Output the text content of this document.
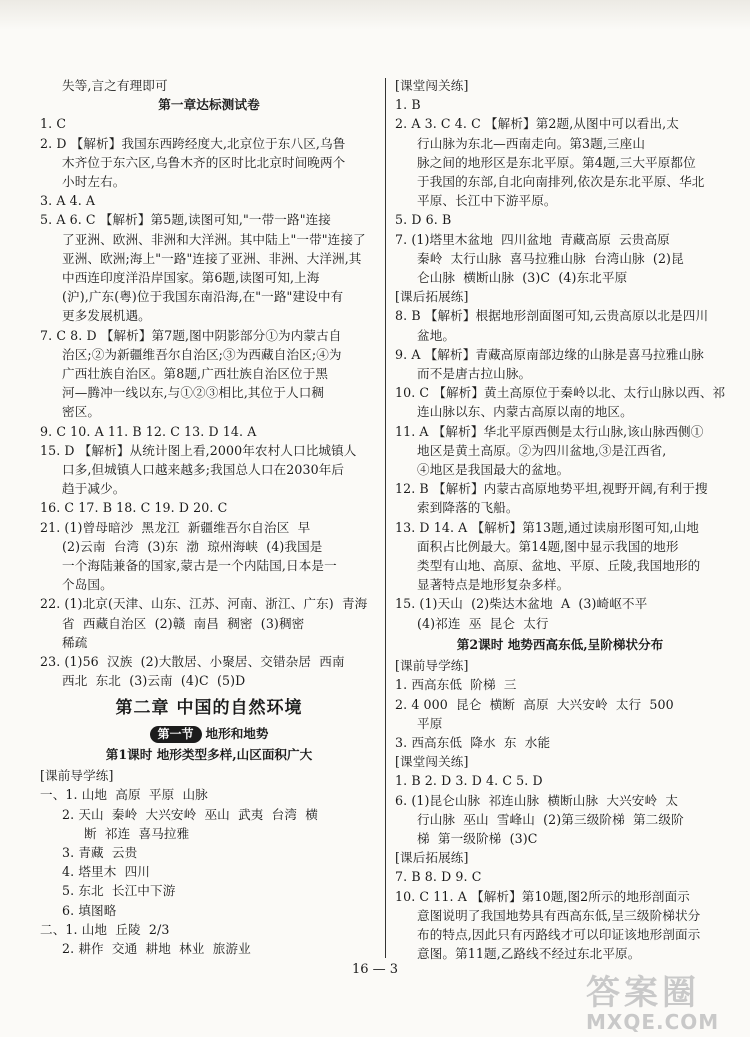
失等,言之有理即可
第一章达标测试卷
1. C
2. D 【解析】我国东西跨经度大,北京位于东八区,乌鲁
木齐位于东六区,乌鲁木齐的区时比北京时间晚两个
小时左右。
3. A 4. A
5. A 6. C 【解析】第5题,读图可知,"一带一路"连接
了亚洲、欧洲、非洲和大洋洲。其中陆上"一带"连接了
亚洲、欧洲;海上"一路"连接了亚洲、非洲、大洋洲,其
中西连印度洋沿岸国家。第6题,读图可知,上海
(沪),广东(粤)位于我国东南沿海,在"一路"建设中有
更多发展机遇。
7. C 8. D 【解析】第7题,图中阴影部分①为内蒙古自
治区;②为新疆维吾尔自治区;③为西藏自治区;④为
广西壮族自治区。第8题,广西壮族自治区位于黑
河—腾冲一线以东,与①②③相比,其位于人口稠
密区。
9. C 10. A 11. B 12. C 13. D 14. A
15. D 【解析】从统计图上看,2000年农村人口比城镇人
口多,但城镇人口越来越多;我国总人口在2030年后
趋于减少。
16. C 17. B 18. C 19. D 20. C
21. (1)曾母暗沙  黑龙江  新疆维吾尔自治区  早
(2)云南  台湾  (3)东  渤  琼州海峡  (4)我国是
一个海陆兼备的国家,蒙古是一个内陆国,日本是一
个岛国。
22. (1)北京(天津、山东、江苏、河南、浙江、广东)  青海
省  西藏自治区  (2)赣  南昌  稠密  (3)稠密
稀疏
23. (1)56  汉族  (2)大散居、小聚居、交错杂居  西南
西北  东北  (3)云南  (4)C  (5)D
第二章 中国的自然环境
第一节 地形和地势
第1课时 地形类型多样,山区面积广大
[课前导学练]
一、1. 山地  高原  平原  山脉
2. 天山  秦岭  大兴安岭  巫山  武夷  台湾  横
断  祁连  喜马拉雅
3. 青藏  云贵
4. 塔里木  四川
5. 东北  长江中下游
6. 填图略
二、1. 山地  丘陵  2/3
2. 耕作  交通  耕地  林业  旅游业
[课堂闯关练]
1. B
2. A 3. C 4. C 【解析】第2题,从图中可以看出,太
行山脉为东北—西南走向。第3题,三座山
脉之间的地形区是东北平原。第4题,三大平原都位
于我国的东部,自北向南排列,依次是东北平原、华北
平原、长江中下游平原。
5. D 6. B
7. (1)塔里木盆地  四川盆地  青藏高原  云贵高原
秦岭  太行山脉  喜马拉雅山脉  台湾山脉  (2)昆
仑山脉  横断山脉  (3)C  (4)东北平原
[课后拓展练]
8. B 【解析】根据地形剖面图可知,云贵高原以北是四川
盆地。
9. A 【解析】青藏高原南部边缘的山脉是喜马拉雅山脉
而不是唐古拉山脉。
10. C 【解析】黄土高原位于秦岭以北、太行山脉以西、祁
连山脉以东、内蒙古高原以南的地区。
11. A 【解析】华北平原西侧是太行山脉,该山脉西侧①
地区是黄土高原。②为四川盆地,③是江西省,
④地区是我国最大的盆地。
12. B 【解析】内蒙古高原地势平坦,视野开阔,有利于搜
索到降落的飞船。
13. D 14. A 【解析】第13题,通过读扇形图可知,山地
面积占比例最大。第14题,图中显示我国的地形
类型有山地、高原、盆地、平原、丘陵,我国地形的
显著特点是地形复杂多样。
15. (1)天山  (2)柴达木盆地  A  (3)崎岖不平
(4)祁连  巫  昆仑  太行
第2课时 地势西高东低,呈阶梯状分布
[课前导学练]
1. 西高东低  阶梯  三
2. 4 000  昆仑  横断  高原  大兴安岭  太行  500
平原
3. 西高东低  降水  东  水能
[课堂闯关练]
1. B 2. D 3. D 4. C 5. D
6. (1)昆仑山脉  祁连山脉  横断山脉  大兴安岭  太
行山脉  巫山  雪峰山  (2)第三级阶梯  第二级阶
梯  第一级阶梯  (3)C
[课后拓展练]
7. B 8. D 9. C
10. C 11. A 【解析】第10题,图2所示的地形剖面示
意图说明了我国地势具有西高东低,呈三级阶梯状分
布的特点,因此只有丙路线才可以印证该地形剖面示
意图。第11题,乙路线不经过东北平原。
16 — 3
答案圈
MXQE.COM
